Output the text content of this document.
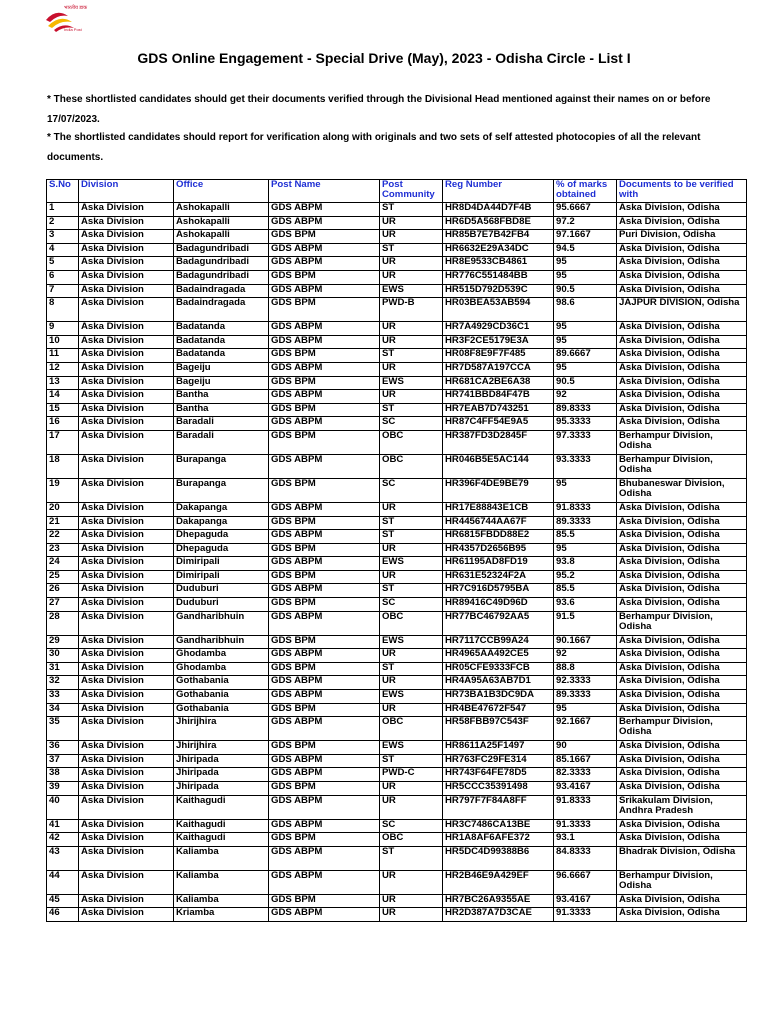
भारतीय डाक
India Post
GDS Online Engagement - Special Drive (May), 2023 - Odisha Circle - List I
* These shortlisted candidates should get their documents verified through the Divisional Head mentioned against their names on or before 17/07/2023.
* The shortlisted candidates should report for verification along with originals and two sets of self attested photocopies of all the relevant documents.
S.No	Division	Office	Post Name	Post Community	Reg Number	% of marks obtained	Documents to be verified with
1	Aska Division	Ashokapalli	GDS ABPM	ST	HR8D4DA44D7F4B	95.6667	Aska Division, Odisha
2	Aska Division	Ashokapalli	GDS ABPM	UR	HR6D5A568FBD8E	97.2	Aska Division, Odisha
3	Aska Division	Ashokapalli	GDS BPM	UR	HR85B7E7B42FB4	97.1667	Puri Division, Odisha
4	Aska Division	Badagundribadi	GDS ABPM	ST	HR6632E29A34DC	94.5	Aska Division, Odisha
5	Aska Division	Badagundribadi	GDS ABPM	UR	HR8E9533CB4861	95	Aska Division, Odisha
6	Aska Division	Badagundribadi	GDS BPM	UR	HR776C551484BB	95	Aska Division, Odisha
7	Aska Division	Badaindragada	GDS ABPM	EWS	HR515D792D539C	90.5	Aska Division, Odisha
8	Aska Division	Badaindragada	GDS BPM	PWD-B	HR03BEA53AB594	98.6	JAJPUR DIVISION, Odisha
9	Aska Division	Badatanda	GDS ABPM	UR	HR7A4929CD36C1	95	Aska Division, Odisha
10	Aska Division	Badatanda	GDS ABPM	UR	HR3F2CE5179E3A	95	Aska Division, Odisha
11	Aska Division	Badatanda	GDS BPM	ST	HR08F8E9F7F485	89.6667	Aska Division, Odisha
12	Aska Division	Bageiju	GDS ABPM	UR	HR7D587A197CCA	95	Aska Division, Odisha
13	Aska Division	Bageiju	GDS BPM	EWS	HR681CA2BE6A38	90.5	Aska Division, Odisha
14	Aska Division	Bantha	GDS ABPM	UR	HR741BBD84F47B	92	Aska Division, Odisha
15	Aska Division	Bantha	GDS BPM	ST	HR7EAB7D743251	89.8333	Aska Division, Odisha
16	Aska Division	Baradali	GDS ABPM	SC	HR87C4FF54E9A5	95.3333	Aska Division, Odisha
17	Aska Division	Baradali	GDS BPM	OBC	HR387FD3D2845F	97.3333	Berhampur Division, Odisha
18	Aska Division	Burapanga	GDS ABPM	OBC	HR046B5E5AC144	93.3333	Berhampur Division, Odisha
19	Aska Division	Burapanga	GDS BPM	SC	HR396F4DE9BE79	95	Bhubaneswar Division, Odisha
20	Aska Division	Dakapanga	GDS ABPM	UR	HR17E88843E1CB	91.8333	Aska Division, Odisha
21	Aska Division	Dakapanga	GDS BPM	ST	HR4456744AA67F	89.3333	Aska Division, Odisha
22	Aska Division	Dhepaguda	GDS ABPM	ST	HR6815FBDD88E2	85.5	Aska Division, Odisha
23	Aska Division	Dhepaguda	GDS BPM	UR	HR4357D2656B95	95	Aska Division, Odisha
24	Aska Division	Dimiripali	GDS ABPM	EWS	HR61195AD8FD19	93.8	Aska Division, Odisha
25	Aska Division	Dimiripali	GDS BPM	UR	HR631E52324F2A	95.2	Aska Division, Odisha
26	Aska Division	Duduburi	GDS ABPM	ST	HR7C916D5795BA	85.5	Aska Division, Odisha
27	Aska Division	Duduburi	GDS BPM	SC	HR89416C49D96D	93.6	Aska Division, Odisha
28	Aska Division	Gandharibhuin	GDS ABPM	OBC	HR77BC46792AA5	91.5	Berhampur Division, Odisha
29	Aska Division	Gandharibhuin	GDS BPM	EWS	HR7117CCB99A24	90.1667	Aska Division, Odisha
30	Aska Division	Ghodamba	GDS ABPM	UR	HR4965AA492CE5	92	Aska Division, Odisha
31	Aska Division	Ghodamba	GDS BPM	ST	HR05CFE9333FCB	88.8	Aska Division, Odisha
32	Aska Division	Gothabania	GDS ABPM	UR	HR4A95A63AB7D1	92.3333	Aska Division, Odisha
33	Aska Division	Gothabania	GDS ABPM	EWS	HR73BA1B3DC9DA	89.3333	Aska Division, Odisha
34	Aska Division	Gothabania	GDS BPM	UR	HR4BE47672F547	95	Aska Division, Odisha
35	Aska Division	Jhirijhira	GDS ABPM	OBC	HR58FBB97C543F	92.1667	Berhampur Division, Odisha
36	Aska Division	Jhirijhira	GDS BPM	EWS	HR8611A25F1497	90	Aska Division, Odisha
37	Aska Division	Jhiripada	GDS ABPM	ST	HR763FC29FE314	85.1667	Aska Division, Odisha
38	Aska Division	Jhiripada	GDS ABPM	PWD-C	HR743F64FE78D5	82.3333	Aska Division, Odisha
39	Aska Division	Jhiripada	GDS BPM	UR	HR5CCC35391498	93.4167	Aska Division, Odisha
40	Aska Division	Kaithagudi	GDS ABPM	UR	HR797F7F84A8FF	91.8333	Srikakulam Division, Andhra Pradesh
41	Aska Division	Kaithagudi	GDS ABPM	SC	HR3C7486CA13BE	91.3333	Aska Division, Odisha
42	Aska Division	Kaithagudi	GDS BPM	OBC	HR1A8AF6AFE372	93.1	Aska Division, Odisha
43	Aska Division	Kaliamba	GDS ABPM	ST	HR5DC4D99388B6	84.8333	Bhadrak Division, Odisha
44	Aska Division	Kaliamba	GDS ABPM	UR	HR2B46E9A429EF	96.6667	Berhampur Division, Odisha
45	Aska Division	Kaliamba	GDS BPM	UR	HR7BC26A9355AE	93.4167	Aska Division, Odisha
46	Aska Division	Kriamba	GDS ABPM	UR	HR2D387A7D3CAE	91.3333	Aska Division, Odisha
